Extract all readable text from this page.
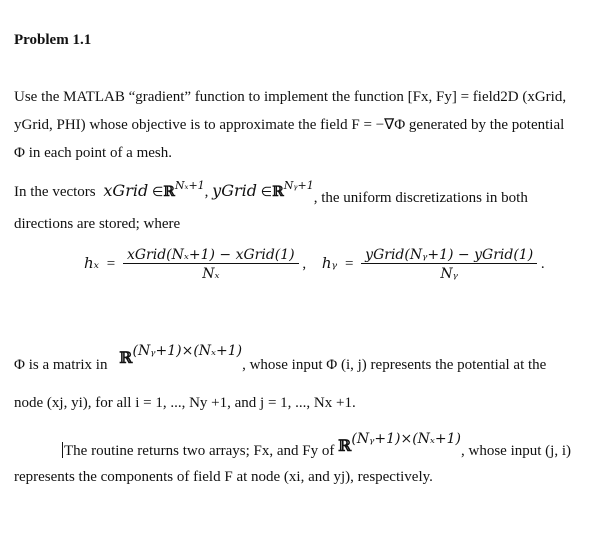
Problem 1.1
Use the MATLAB “gradient” function to implement the function [Fx, Fy] = field2D (xGrid,
yGrid, PHI) whose objective is to approximate the field F = −∇Φ generated by the potential
Φ in each point of a mesh.
In the vectors xGrid ∈ℝ$^{N_x+1}$, yGrid ∈ℝ$^{Nᵧ+1}$, the uniform discretizations in both
directions are stored; where
$h_x = \frac{\text{xGrid(Nₓ+1) − xGrid(1)}}{\text{Nₓ}}$ , hᵧ = $\frac{\text{yGrid(Nᵧ+1) − yGrid(1)}}{\text{Nᵧ}}$ .
Φ is a matrix in ℝ(Nᵧ+1)×(Nₓ+1), whose input Φ (i, j) represents the potential at the
node (xj, yi), for all i = 1, ..., Ny +1, and j = 1, ..., Nx +1.
The routine returns two arrays; Fx, and Fy of ℝ(Nᵧ+1)×(Nₓ+1), whose input (j, i)
represents the components of field F at node (xi, and yj), respectively.
